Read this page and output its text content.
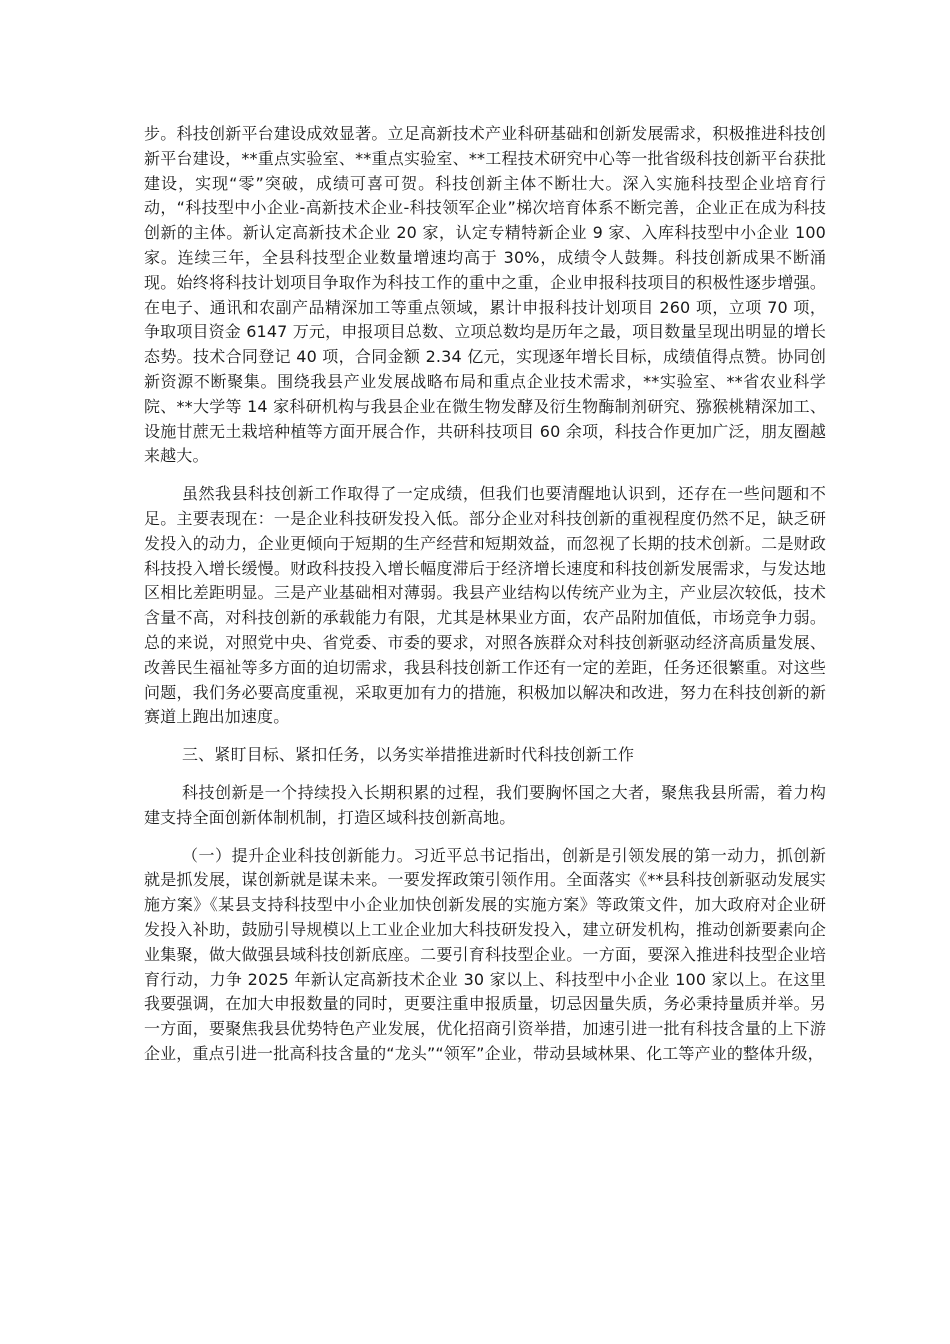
步。科技创新平台建设成效显著。立足高新技术产业科研基础和创新发展需求，积极推进科技创新平台建设，**重点实验室、**重点实验室、**工程技术研究中心等一批省级科技创新平台获批建设，实现“零”突破，成绩可喜可贺。科技创新主体不断壮大。深入实施科技型企业培育行动，“科技型中小企业-高新技术企业-科技领军企业”梯次培育体系不断完善，企业正在成为科技创新的主体。新认定高新技术企业 20 家，认定专精特新企业 9 家、入库科技型中小企业 100 家。连续三年，全县科技型企业数量增速均高于 30%，成绩令人鼓舞。科技创新成果不断涌现。始终将科技计划项目争取作为科技工作的重中之重，企业申报科技项目的积极性逐步增强。在电子、通讯和农副产品精深加工等重点领域，累计申报科技计划项目 260 项，立项 70 项，争取项目资金 6147 万元，申报项目总数、立项总数均是历年之最，项目数量呈现出明显的增长态势。技术合同登记 40 项，合同金额 2.34 亿元，实现逐年增长目标，成绩值得点赞。协同创新资源不断聚集。围绕我县产业发展战略布局和重点企业技术需求，**实验室、**省农业科学院、**大学等 14 家科研机构与我县企业在微生物发酵及衍生物酶制剂研究、猕猴桃精深加工、设施甘蔗无土栽培种植等方面开展合作，共研科技项目 60 余项，科技合作更加广泛，朋友圈越来越大。

虽然我县科技创新工作取得了一定成绩，但我们也要清醒地认识到，还存在一些问题和不足。主要表现在：一是企业科技研发投入低。部分企业对科技创新的重视程度仍然不足，缺乏研发投入的动力，企业更倾向于短期的生产经营和短期效益，而忽视了长期的技术创新。二是财政科技投入增长缓慢。财政科技投入增长幅度滞后于经济增长速度和科技创新发展需求，与发达地区相比差距明显。三是产业基础相对薄弱。我县产业结构以传统产业为主，产业层次较低，技术含量不高，对科技创新的承载能力有限，尤其是林果业方面，农产品附加值低，市场竞争力弱。总的来说，对照党中央、省党委、市委的要求，对照各族群众对科技创新驱动经济高质量发展、改善民生福祉等多方面的迫切需求，我县科技创新工作还有一定的差距，任务还很繁重。对这些问题，我们务必要高度重视，采取更加有力的措施，积极加以解决和改进，努力在科技创新的新赛道上跑出加速度。

三、紧盯目标、紧扣任务，以务实举措推进新时代科技创新工作

科技创新是一个持续投入长期积累的过程，我们要胸怀国之大者，聚焦我县所需，着力构建支持全面创新体制机制，打造区域科技创新高地。

（一）提升企业科技创新能力。习近平总书记指出，创新是引领发展的第一动力，抓创新就是抓发展，谋创新就是谋未来。一要发挥政策引领作用。全面落实《**县科技创新驱动发展实施方案》《某县支持科技型中小企业加快创新发展的实施方案》等政策文件，加大政府对企业研发投入补助，鼓励引导规模以上工业企业加大科技研发投入，建立研发机构，推动创新要素向企业集聚，做大做强县域科技创新底座。二要引育科技型企业。一方面，要深入推进科技型企业培育行动，力争 2025 年新认定高新技术企业 30 家以上、科技型中小企业 100 家以上。在这里我要强调，在加大申报数量的同时，更要注重申报质量，切忌因量失质，务必秉持量质并举。另一方面，要聚焦我县优势特色产业发展，优化招商引资举措，加速引进一批有科技含量的上下游企业，重点引进一批高科技含量的“龙头”“领军”企业，带动县域林果、化工等产业的整体升级，
